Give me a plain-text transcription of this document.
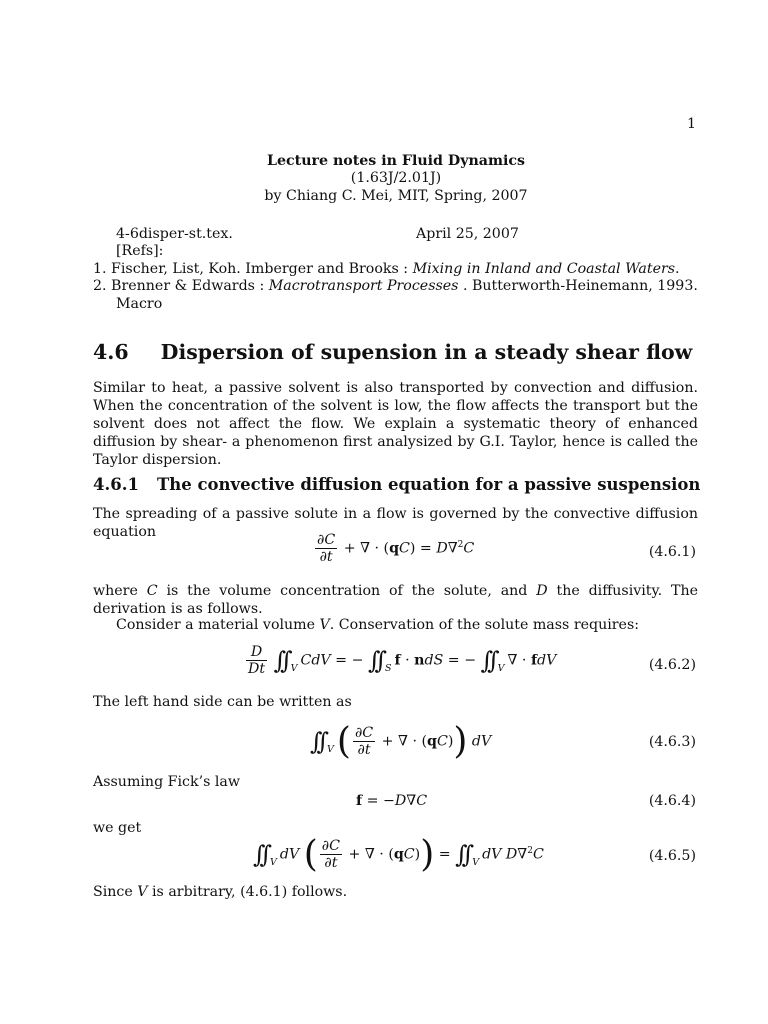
1
Lecture notes in Fluid Dynamics
(1.63J/2.01J)
by Chiang C. Mei, MIT, Spring, 2007
4-6disper-st.tex.	April 25, 2007
[Refs]:
1. Fischer, List, Koh. Imberger and Brooks : Mixing in Inland and Coastal Waters.
2. Brenner & Edwards : Macrotransport Processes . Butterworth-Heinemann, 1993.
Macro
4.6 Dispersion of supension in a steady shear flow
Similar to heat, a passive solvent is also transported by convection and diffusion. When the concentration of the solvent is low, the flow affects the transport but the solvent does not affect the flow. We explain a systematic theory of enhanced diffusion by shear- a phenomenon first analysized by G.I. Taylor, hence is called the Taylor dispersion.
4.6.1 The convective diffusion equation for a passive suspension
The spreading of a passive solute in a flow is governed by the convective diffusion equation	$\frac{\partial C}{\partial t}$ + ∇ · (qC) = D∇$^2$C	(4.6.1)
where C is the volume concentration of the solute, and D the diffusivity. The derivation is as follows.
Consider a material volume V. Conservation of the solute mass requires:
$\frac{D}{Dt}$ ∫∫ $_V$ CdV = − ∫∫ $_S$ f · ndS = − ∫∫ $_V$ ∇ · fdV	(4.6.2)
The left hand side can be written as
∫∫ $_V( \frac{\partial C}{\partial t}$ + ∇ · (qC)) dV	(4.6.3)
Assuming Fick’s law
f = −D∇C	(4.6.4)
we get
∫∫ $_V$ dV ( $\frac{\partial C}{\partial t}$ + ∇ · (qC)) = ∫∫ $_V$ dV D∇$^2$C	(4.6.5)
Since V is arbitrary, (4.6.1) follows.
